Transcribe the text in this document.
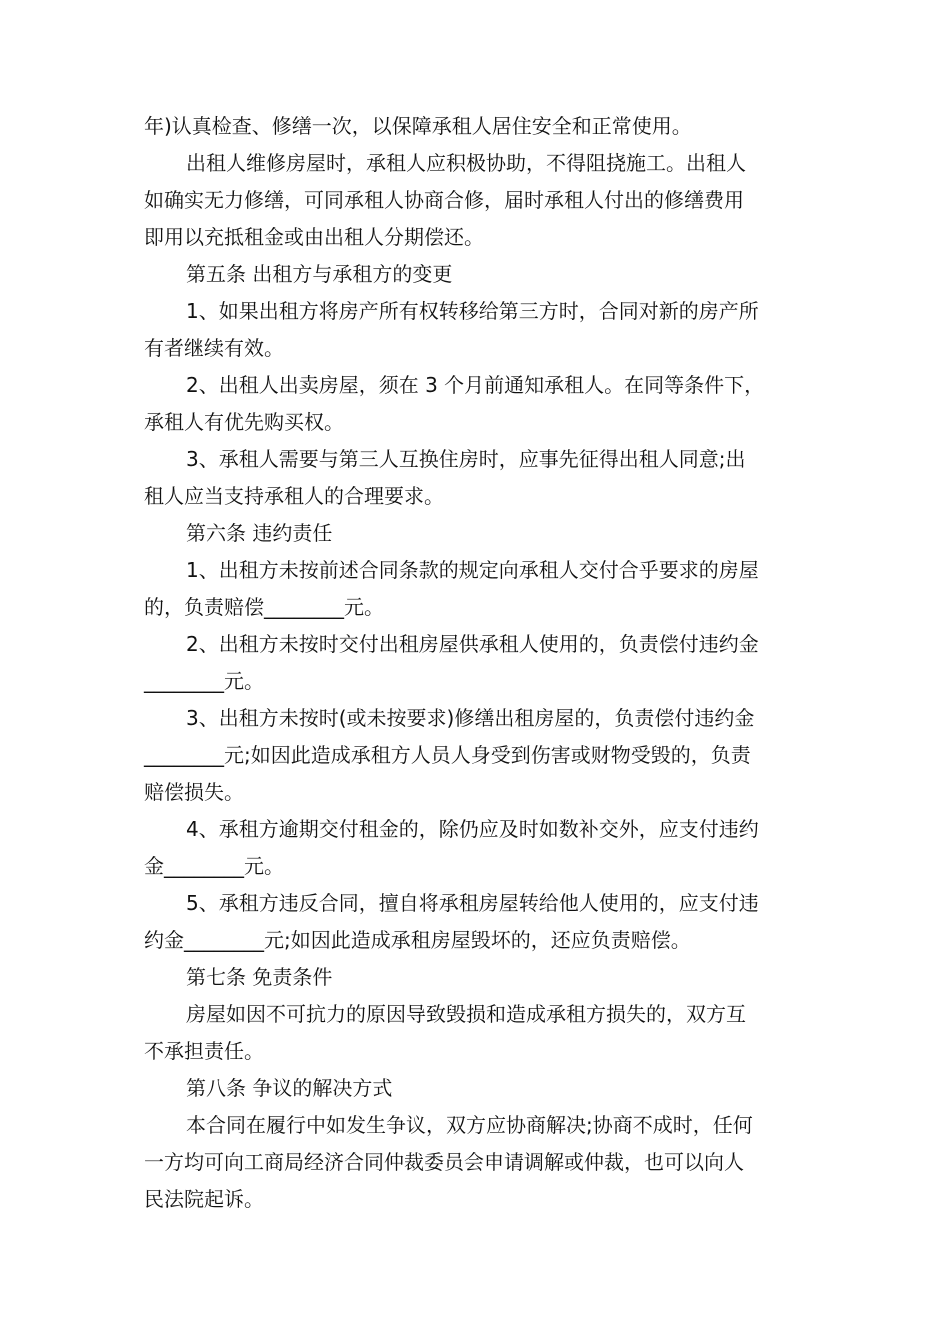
年)认真检查、修缮一次，以保障承租人居住安全和正常使用。
出租人维修房屋时，承租人应积极协助，不得阻挠施工。出租人
如确实无力修缮，可同承租人协商合修，届时承租人付出的修缮费用
即用以充抵租金或由出租人分期偿还。
第五条 出租方与承租方的变更
1、如果出租方将房产所有权转移给第三方时，合同对新的房产所
有者继续有效。
2、出租人出卖房屋，须在 3 个月前通知承租人。在同等条件下，
承租人有优先购买权。
3、承租人需要与第三人互换住房时，应事先征得出租人同意;出
租人应当支持承租人的合理要求。
第六条 违约责任
1、出租方未按前述合同条款的规定向承租人交付合乎要求的房屋
的，负责赔偿________元。
2、出租方未按时交付出租房屋供承租人使用的，负责偿付违约金
________元。
3、出租方未按时(或未按要求)修缮出租房屋的，负责偿付违约金
________元;如因此造成承租方人员人身受到伤害或财物受毁的，负责
赔偿损失。
4、承租方逾期交付租金的，除仍应及时如数补交外，应支付违约
金________元。
5、承租方违反合同，擅自将承租房屋转给他人使用的，应支付违
约金________元;如因此造成承租房屋毁坏的，还应负责赔偿。
第七条 免责条件
房屋如因不可抗力的原因导致毁损和造成承租方损失的，双方互
不承担责任。
第八条 争议的解决方式
本合同在履行中如发生争议，双方应协商解决;协商不成时，任何
一方均可向工商局经济合同仲裁委员会申请调解或仲裁，也可以向人
民法院起诉。
